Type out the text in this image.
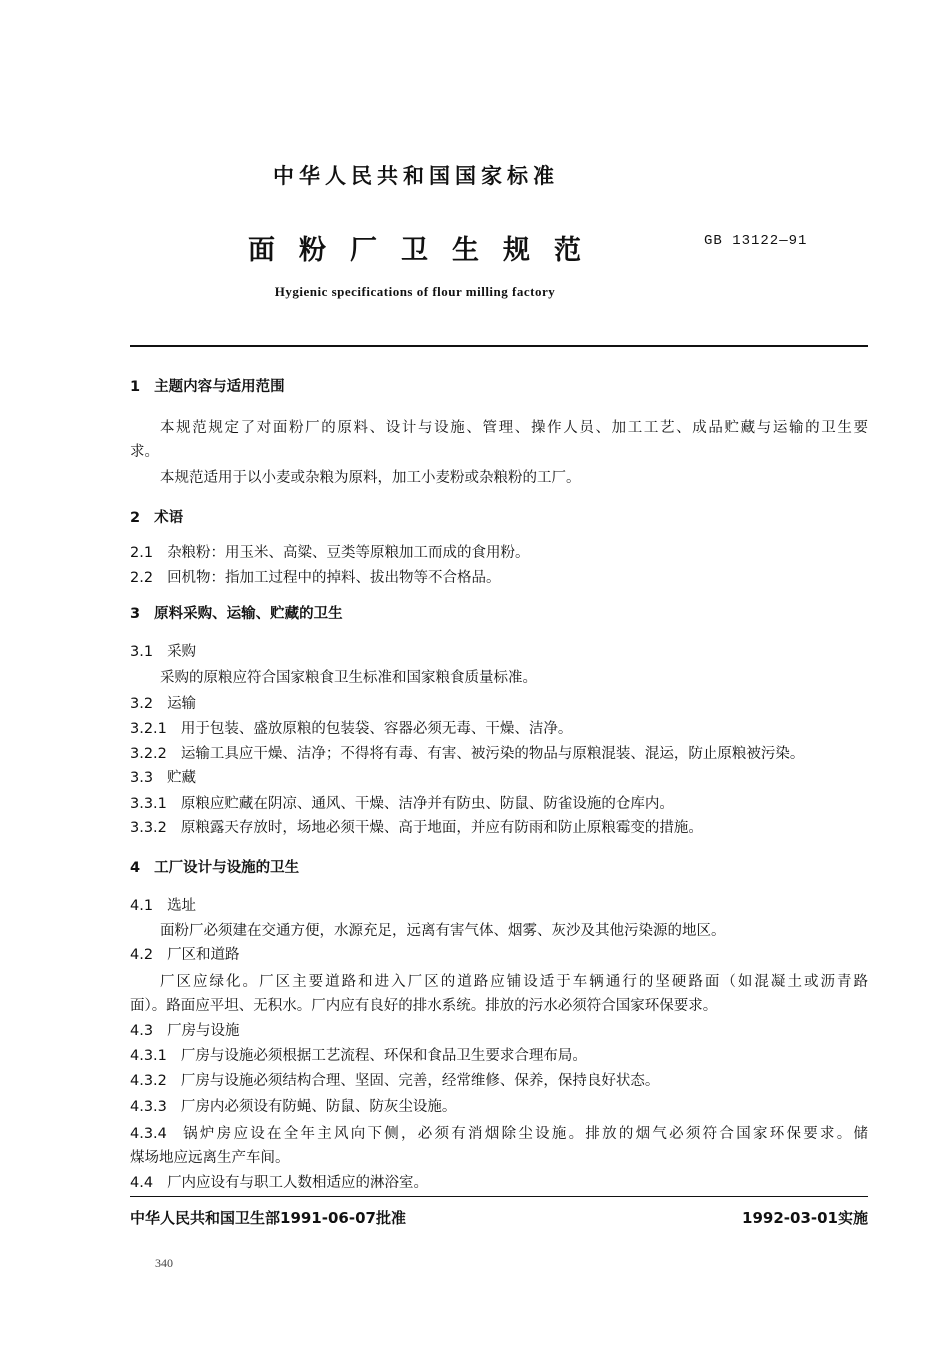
中华人民共和国国家标准
面粉厂卫生规范	GB 13122—91
Hygienic specifications of flour milling factory
1 主题内容与适用范围
本规范规定了对面粉厂的原料、设计与设施、管理、操作人员、加工工艺、成品贮藏与运输的卫生要
求。
本规范适用于以小麦或杂粮为原料，加工小麦粉或杂粮粉的工厂。
2 术语
2.1 杂粮粉：用玉米、高粱、豆类等原粮加工而成的食用粉。
2.2 回机物：指加工过程中的掉料、拔出物等不合格品。
3 原料采购、运输、贮藏的卫生
3.1 采购
采购的原粮应符合国家粮食卫生标准和国家粮食质量标准。
3.2 运输
3.2.1 用于包装、盛放原粮的包装袋、容器必须无毒、干燥、洁净。
3.2.2 运输工具应干燥、洁净；不得将有毒、有害、被污染的物品与原粮混装、混运，防止原粮被污染。
3.3 贮藏
3.3.1 原粮应贮藏在阴凉、通风、干燥、洁净并有防虫、防鼠、防雀设施的仓库内。
3.3.2 原粮露天存放时，场地必须干燥、高于地面，并应有防雨和防止原粮霉变的措施。
4 工厂设计与设施的卫生
4.1 选址
面粉厂必须建在交通方便，水源充足，远离有害气体、烟雾、灰沙及其他污染源的地区。
4.2 厂区和道路
厂区应绿化。厂区主要道路和进入厂区的道路应铺设适于车辆通行的坚硬路面（如混凝土或沥青路
面）。路面应平坦、无积水。厂内应有良好的排水系统。排放的污水必须符合国家环保要求。
4.3 厂房与设施
4.3.1 厂房与设施必须根据工艺流程、环保和食品卫生要求合理布局。
4.3.2 厂房与设施必须结构合理、坚固、完善，经常维修、保养，保持良好状态。
4.3.3 厂房内必须设有防蝇、防鼠、防灰尘设施。
4.3.4 锅炉房应设在全年主风向下侧，必须有消烟除尘设施。排放的烟气必须符合国家环保要求。储
煤场地应远离生产车间。
4.4 厂内应设有与职工人数相适应的淋浴室。
中华人民共和国卫生部1991-06-07批准	1992-03-01实施
340
